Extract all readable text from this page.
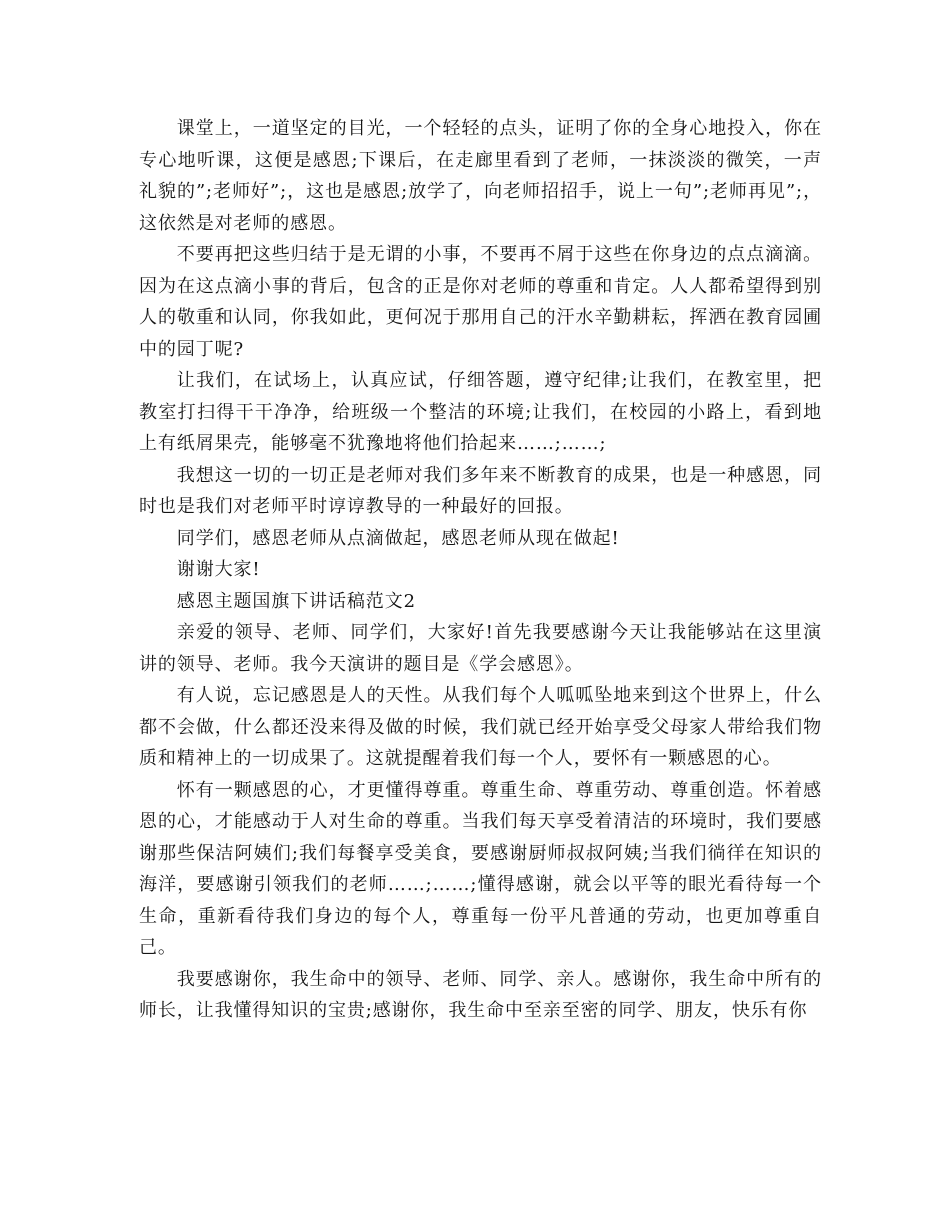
课堂上，一道坚定的目光，一个轻轻的点头，证明了你的全身心地投入，你在专心地听课，这便是感恩;下课后，在走廊里看到了老师，一抹淡淡的微笑，一声礼貌的”;老师好”;，这也是感恩;放学了，向老师招招手，说上一句”;老师再见”;，这依然是对老师的感恩。

不要再把这些归结于是无谓的小事，不要再不屑于这些在你身边的点点滴滴。因为在这点滴小事的背后，包含的正是你对老师的尊重和肯定。人人都希望得到别人的敬重和认同，你我如此，更何况于那用自己的汗水辛勤耕耘，挥洒在教育园圃中的园丁呢?

让我们，在试场上，认真应试，仔细答题，遵守纪律;让我们，在教室里，把教室打扫得干干净净，给班级一个整洁的环境;让我们，在校园的小路上，看到地上有纸屑果壳，能够毫不犹豫地将他们拾起来……;……;

我想这一切的一切正是老师对我们多年来不断教育的成果，也是一种感恩，同时也是我们对老师平时谆谆教导的一种最好的回报。

同学们，感恩老师从点滴做起，感恩老师从现在做起!

谢谢大家!

感恩主题国旗下讲话稿范文2

亲爱的领导、老师、同学们，大家好!首先我要感谢今天让我能够站在这里演讲的领导、老师。我今天演讲的题目是《学会感恩》。

有人说，忘记感恩是人的天性。从我们每个人呱呱坠地来到这个世界上，什么都不会做，什么都还没来得及做的时候，我们就已经开始享受父母家人带给我们物质和精神上的一切成果了。这就提醒着我们每一个人，要怀有一颗感恩的心。

怀有一颗感恩的心，才更懂得尊重。尊重生命、尊重劳动、尊重创造。怀着感恩的心，才能感动于人对生命的尊重。当我们每天享受着清洁的环境时，我们要感谢那些保洁阿姨们;我们每餐享受美食，要感谢厨师叔叔阿姨;当我们徜徉在知识的海洋，要感谢引领我们的老师……;……;懂得感谢，就会以平等的眼光看待每一个生命，重新看待我们身边的每个人，尊重每一份平凡普通的劳动，也更加尊重自己。

我要感谢你，我生命中的领导、老师、同学、亲人。感谢你，我生命中所有的师长，让我懂得知识的宝贵;感谢你，我生命中至亲至密的同学、朋友，快乐有你
